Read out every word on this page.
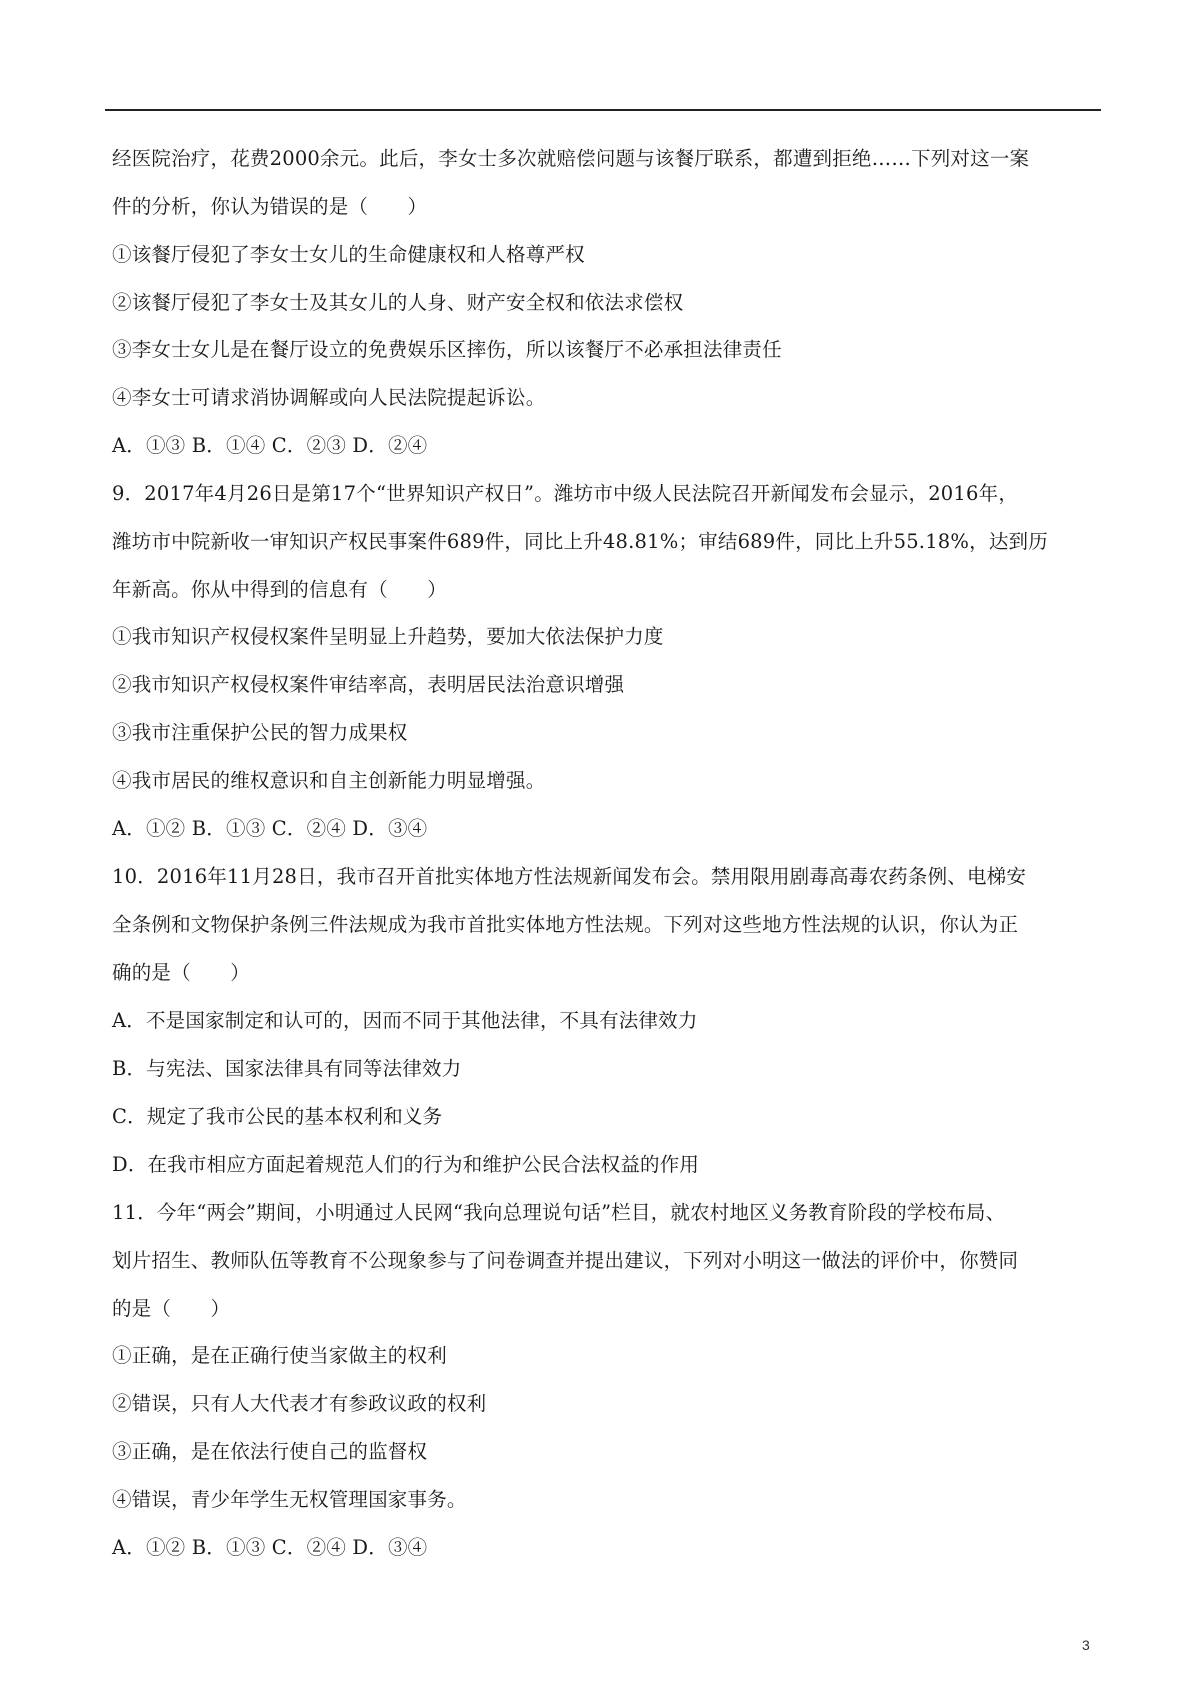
经医院治疗，花费2000余元。此后，李女士多次就赔偿问题与该餐厅联系，都遭到拒绝……下列对这一案
件的分析，你认为错误的是（　　）
①该餐厅侵犯了李女士女儿的生命健康权和人格尊严权
②该餐厅侵犯了李女士及其女儿的人身、财产安全权和依法求偿权
③李女士女儿是在餐厅设立的免费娱乐区摔伤，所以该餐厅不必承担法律责任
④李女士可请求消协调解或向人民法院提起诉讼。
A．①③ B．①④ C．②③ D．②④
9．2017年4月26日是第17个“世界知识产权日”。潍坊市中级人民法院召开新闻发布会显示，2016年，
潍坊市中院新收一审知识产权民事案件689件，同比上升48.81%；审结689件，同比上升55.18%，达到历
年新高。你从中得到的信息有（　　）
①我市知识产权侵权案件呈明显上升趋势，要加大依法保护力度
②我市知识产权侵权案件审结率高，表明居民法治意识增强
③我市注重保护公民的智力成果权
④我市居民的维权意识和自主创新能力明显增强。
A．①② B．①③ C．②④ D．③④
10．2016年11月28日，我市召开首批实体地方性法规新闻发布会。禁用限用剧毒高毒农药条例、电梯安
全条例和文物保护条例三件法规成为我市首批实体地方性法规。下列对这些地方性法规的认识，你认为正
确的是（　　）
A．不是国家制定和认可的，因而不同于其他法律，不具有法律效力
B．与宪法、国家法律具有同等法律效力
C．规定了我市公民的基本权利和义务
D．在我市相应方面起着规范人们的行为和维护公民合法权益的作用
11．今年“两会”期间，小明通过人民网“我向总理说句话”栏目，就农村地区义务教育阶段的学校布局、
划片招生、教师队伍等教育不公现象参与了问卷调查并提出建议，下列对小明这一做法的评价中，你赞同
的是（　　）
①正确，是在正确行使当家做主的权利
②错误，只有人大代表才有参政议政的权利
③正确，是在依法行使自己的监督权
④错误，青少年学生无权管理国家事务。
A．①② B．①③ C．②④ D．③④
3
